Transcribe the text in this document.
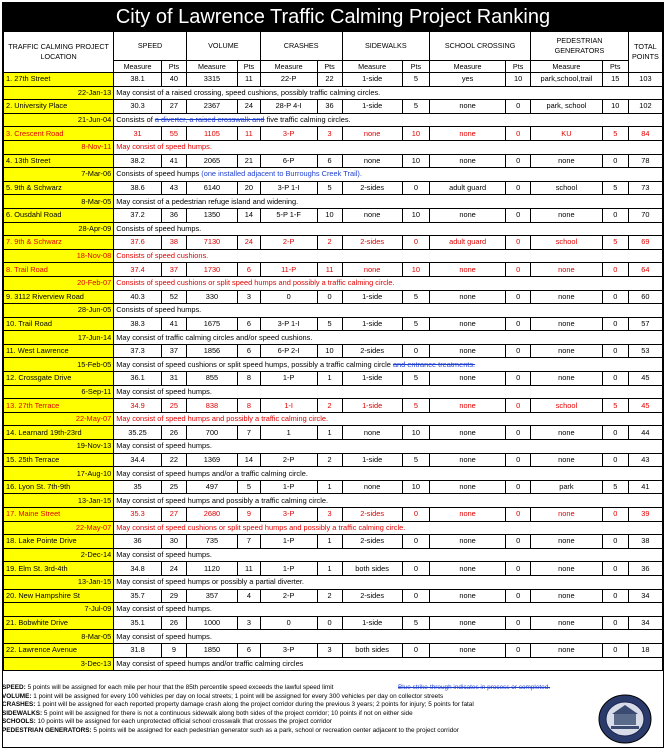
City of Lawrence Traffic Calming Project Ranking
TRAFFIC CALMING PROJECT LOCATION	SPEED		VOLUME		CRASHES		SIDEWALKS		SCHOOL CROSSING		PEDESTRIAN GENERATORS		TOTAL POINTS
	Measure	Pts	Measure	Pts	Measure	Pts	Measure	Pts	Measure	Pts	Measure	Pts	
1. 27th Street	38.1	40	3315	11	22-P	22	1-side	5	yes	10	park,school,trail	15	103
22-Jan-13	May consist of a raised crossing, speed cushions, possibly traffic calming circles.												
2. University Place	30.3	27	2367	24	28-P 4-I	36	1-side	5	none	0	park, school	10	102
21-Jun-04	Consists of a diverter, a raised crosswalk and five traffic calming circles.												
3. Crescent Road	31	55	1105	11	3-P	3	none	10	none	0	KU	5	84
8-Nov-11	May consist of speed humps.												
4. 13th Street	38.2	41	2065	21	6-P	6	none	10	none	0	none	0	78
7-Mar-06	Consists of speed humps (one installed adjacent to Burroughs Creek Trail).												
5. 9th & Schwarz	38.6	43	6140	20	3-P 1-I	5	2-sides	0	adult guard	0	school	5	73
8-Mar-05	May consist of a pedestrian refuge island and widening.												
6. Ousdahl Road	37.2	36	1350	14	5-P 1-F	10	none	10	none	0	none	0	70
28-Apr-09	Consists of speed humps.												
7. 9th & Schwarz	37.6	38	7130	24	2-P	2	2-sides	0	adult guard	0	school	5	69
18-Nov-08	Consists of speed cushions.												
8. Trail Road	37.4	37	1730	6	11-P	11	none	10	none	0	none	0	64
20-Feb-07	Consists of speed cushions or split speed humps and possibly a traffic calming circle.												
9. 3112 Riverview Road	40.3	52	330	3	0	0	1-side	5	none	0	none	0	60
28-Jun-05	Consists of speed humps.												
10. Trail Road	38.3	41	1675	6	3-P 1-I	5	1-side	5	none	0	none	0	57
17-Jun-14	May consist of traffic calming circles and/or speed cushions.												
11. West Lawrence	37.3	37	1856	6	6-P 2-I	10	2-sides	0	none	0	none	0	53
15-Feb-05	May consist of speed cushions or split speed humps, possibly a traffic calming circle and entrance treatments.												
12. Crossgate Drive	36.1	31	855	8	1-P	1	1-side	5	none	0	none	0	45
6-Sep-11	May consist of speed humps.												
13. 27th Terrace	34.9	25	838	8	1-I	2	1-side	5	none	0	school	5	45
22-May-07	May consist of speed humps and possibly a traffic calming circle.												
14. Learnard 19th-23rd	35.25	26	700	7	1	1	none	10	none	0	none	0	44
19-Nov-13	May consist of speed humps.												
15. 25th Terrace	34.4	22	1369	14	2-P	2	1-side	5	none	0	none	0	43
17-Aug-10	May consist of speed humps and/or a traffic calming circle.												
16. Lyon St. 7th-9th	35	25	497	5	1-P	1	none	10	none	0	park	5	41
13-Jan-15	May consist of speed humps and possibly a traffic calming circle.												
17. Maine Street	35.3	27	2680	9	3-P	3	2-sides	0	none	0	none	0	39
22-May-07	May consist of speed cushions or split speed humps and possibly a traffic calming circle.												
18. Lake Pointe Drive	36	30	735	7	1-P	1	2-sides	0	none	0	none	0	38
2-Dec-14	May consist of speed humps.												
19. Elm St. 3rd-4th	34.8	24	1120	11	1-P	1	both sides	0	none	0	none	0	36
13-Jan-15	May consist of speed humps or possibly a partial diverter.												
20. New Hampshire St	35.7	29	357	4	2-P	2	2-sides	0	none	0	none	0	34
7-Jul-09	May consist of speed humps.												
21. Bobwhite Drive	35.1	26	1000	3	0	0	1-side	5	none	0	none	0	34
8-Mar-05	May consist of speed humps.												
22. Lawrence Avenue	31.8	9	1850	6	3-P	3	both sides	0	none	0	none	0	18
3-Dec-13	May consist of speed humps and/or traffic calming circles												
Blue strike-through indicates in process or completed.
SPEED: 5 points will be assigned for each mile per hour that the 85th percentile speed exceeds the lawful speed limit
VOLUME: 1 point will be assigned for every 100 vehicles per day on local streets; 1 point will be assigned for every 300 vehicles per day on collector streets
CRASHES: 1 point will be assigned for each reported property damage crash along the project corridor during the previous 3 years; 2 points for injury; 5 points for fatal
SIDEWALKS: 5 point will be assigned for there is not a continuous sidewalk along both sides of the project corridor; 10 points if not on either side
SCHOOLS: 10 points will be assigned for each unprotected official school crosswalk that crosses the project corridor
PEDESTRIAN GENERATORS: 5 points will be assigned for each pedestrian generator such as a park, school or recreation center adjacent to the project corridor
